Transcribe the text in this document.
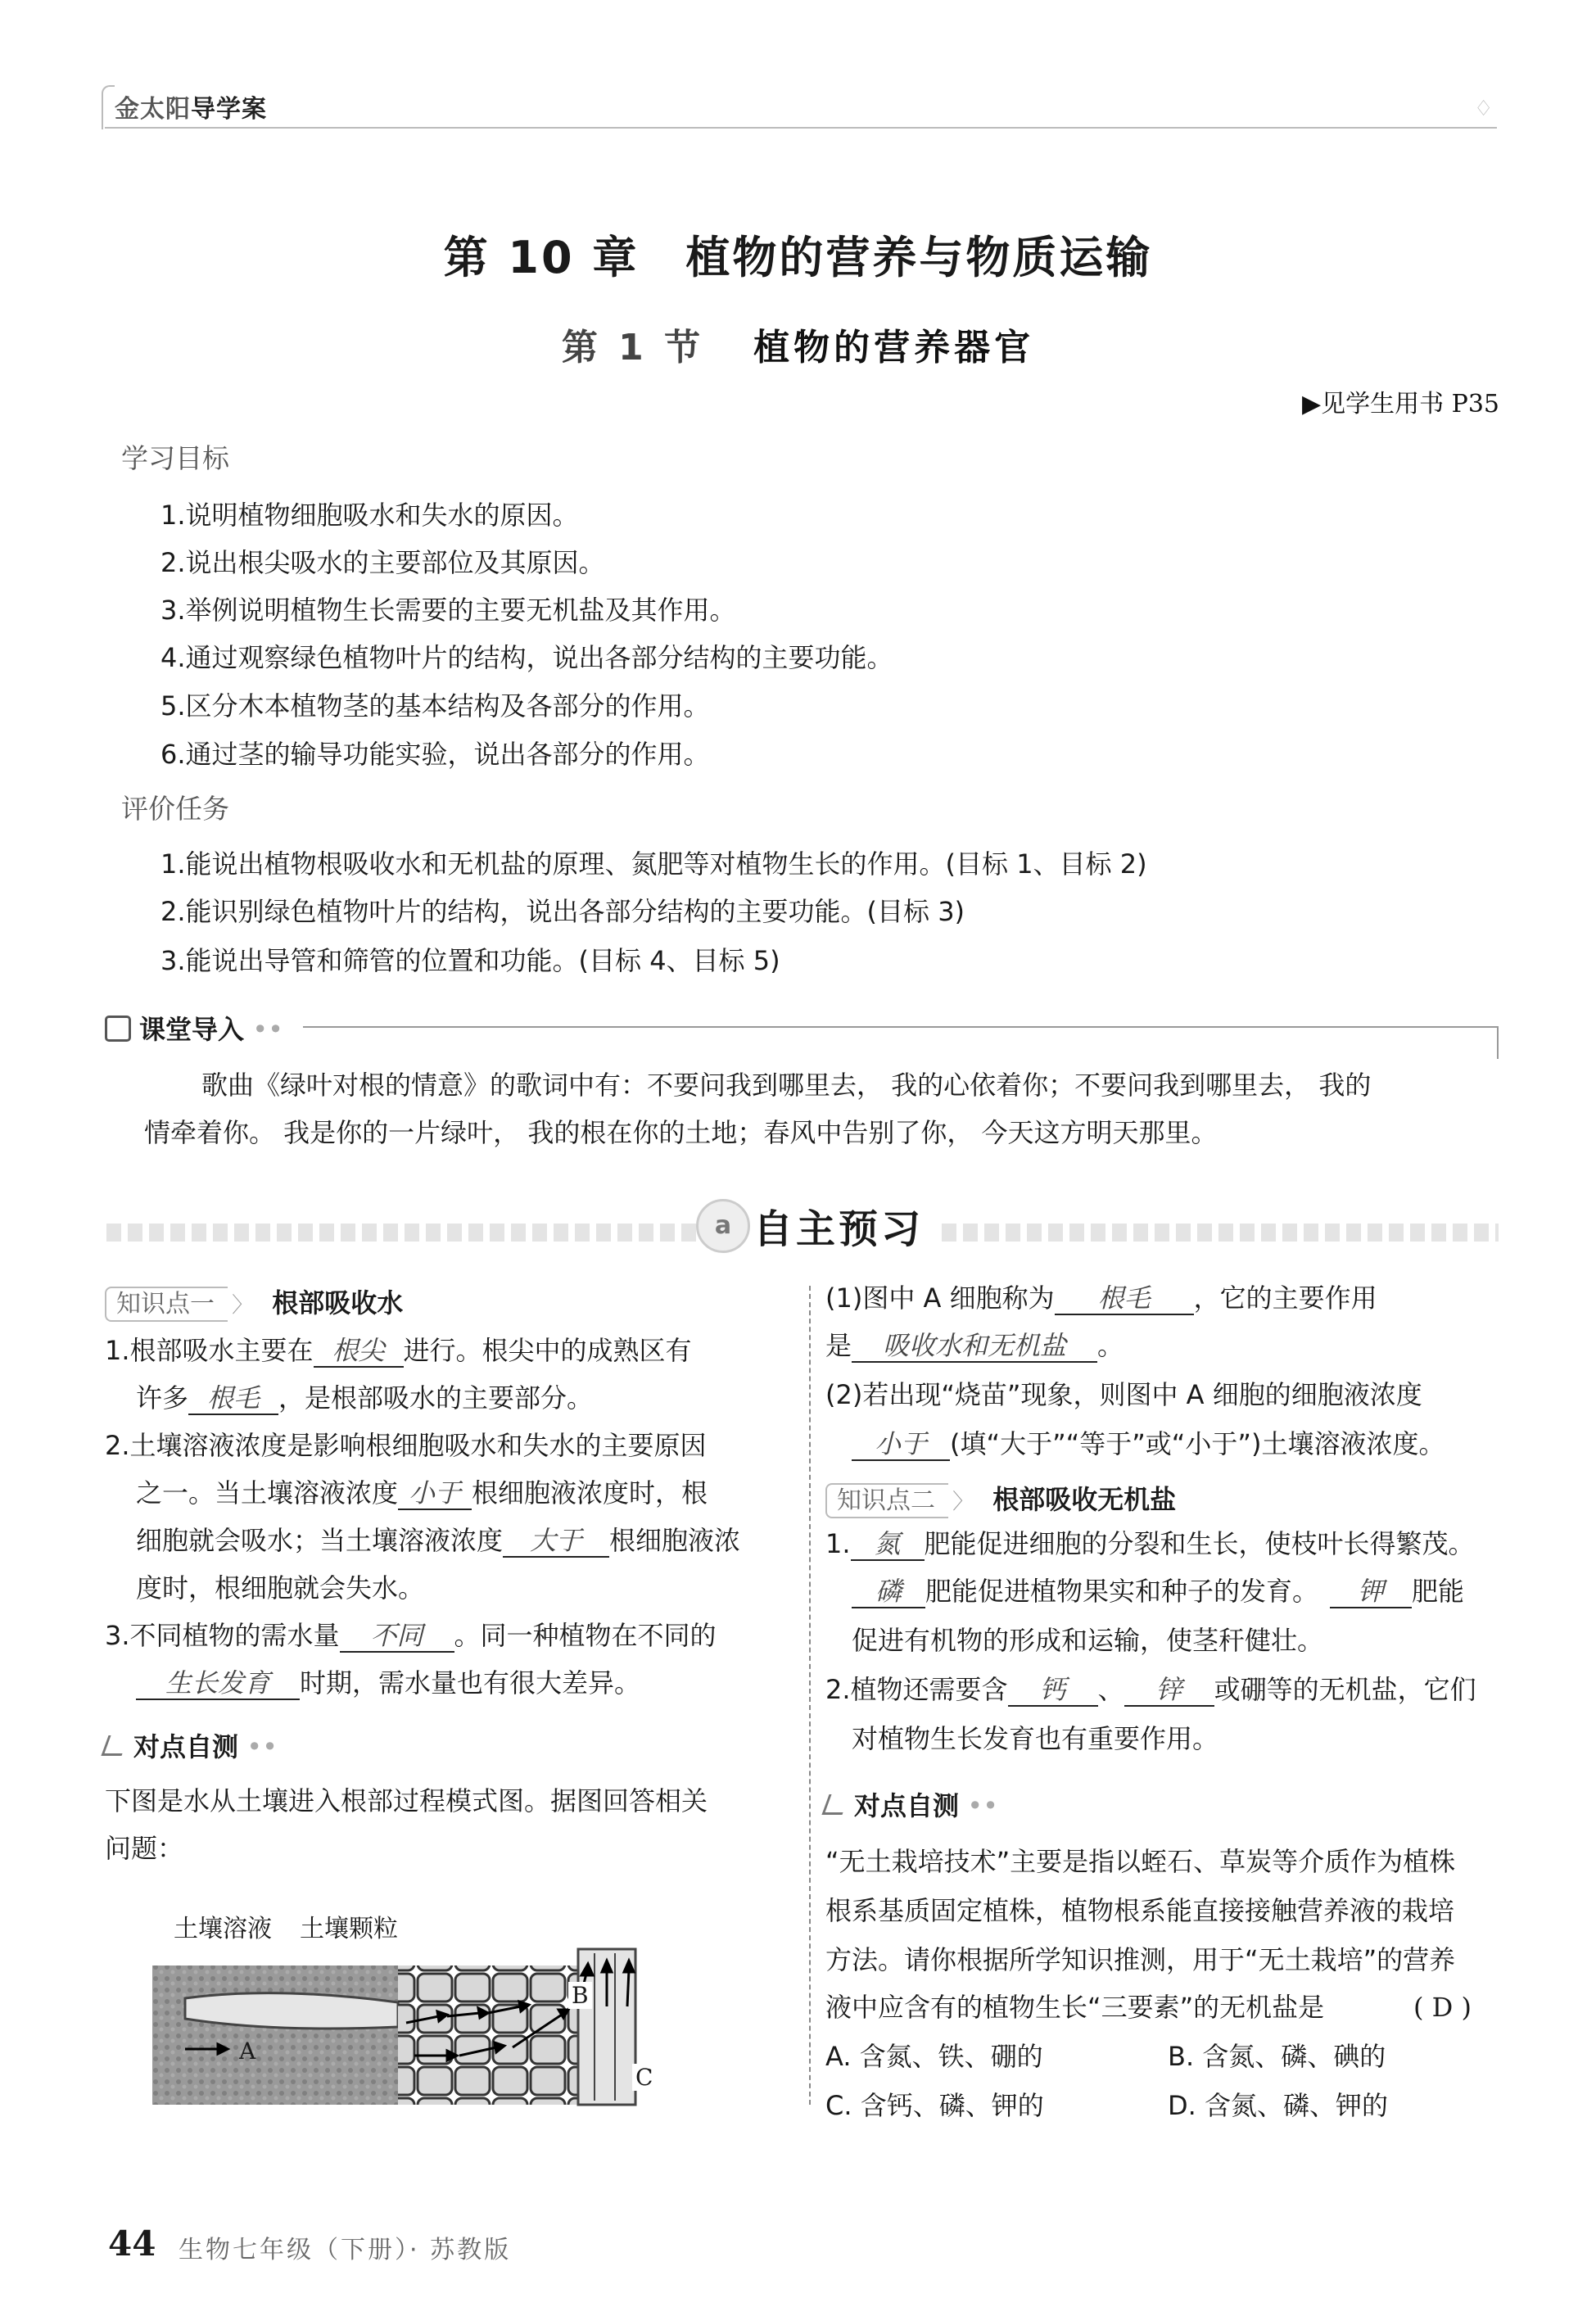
金太阳导学案	♢
第 10 章　植物的营养与物质运输
第 1 节 植物的营养器官
▶见学生用书 P35
学习目标
1.说明植物细胞吸水和失水的原因。
2.说出根尖吸水的主要部位及其原因。
3.举例说明植物生长需要的主要无机盐及其作用。
4.通过观察绿色植物叶片的结构，说出各部分结构的主要功能。
5.区分木本植物茎的基本结构及各部分的作用。
6.通过茎的输导功能实验，说出各部分的作用。
评价任务
1.能说出植物根吸收水和无机盐的原理、氮肥等对植物生长的作用。(目标 1、目标 2)
2.能识别绿色植物叶片的结构，说出各部分结构的主要功能。(目标 3)
3.能说出导管和筛管的位置和功能。(目标 4、目标 5)
课堂导入 ••
歌曲《绿叶对根的情意》的歌词中有：不要问我到哪里去， 我的心依着你；不要问我到哪里去， 我的
情牵着你。 我是你的一片绿叶， 我的根在你的土地；春风中告别了你， 今天这方明天那里。
a 自主预习
知识点一 〉 根部吸收水
1.根部吸水主要在 根尖 进行。根尖中的成熟区有
许多 根毛 ，是根部吸水的主要部分。
2.土壤溶液浓度是影响根细胞吸水和失水的主要原因
之一。当土壤溶液浓度 小于 根细胞液浓度时，根
细胞就会吸水；当土壤溶液浓度 大于 根细胞液浓
度时，根细胞就会失水。
3.不同植物的需水量 不同 。同一种植物在不同的
生长发育 时期，需水量也有很大差异。
对点自测 ••
下图是水从土壤进入根部过程模式图。据图回答相关
问题：
土壤溶液 土壤颗粒
A
B
C
(1)图中 A 细胞称为 根毛 ，它的主要作用
是 吸收水和无机盐 。
(2)若出现“烧苗”现象，则图中 A 细胞的细胞液浓度
小于 (填“大于”“等于”或“小于”)土壤溶液浓度。
知识点二 〉 根部吸收无机盐
1. 氮 肥能促进细胞的分裂和生长，使枝叶长得繁茂。
磷 肥能促进植物果实和种子的发育。 钾 肥能
促进有机物的形成和运输，使茎秆健壮。
2.植物还需要含 钙 、 锌 或硼等的无机盐，它们
对植物生长发育也有重要作用。
对点自测 ••
“无土栽培技术”主要是指以蛭石、草炭等介质作为植株
根系基质固定植株，植物根系能直接接触营养液的栽培
方法。请你根据所学知识推测，用于“无土栽培”的营养
液中应含有的植物生长“三要素”的无机盐是	( D )
A. 含氮、铁、硼的	B. 含氮、磷、碘的
C. 含钙、磷、钾的	D. 含氮、磷、钾的
44 生物七年级（下册）· 苏教版
